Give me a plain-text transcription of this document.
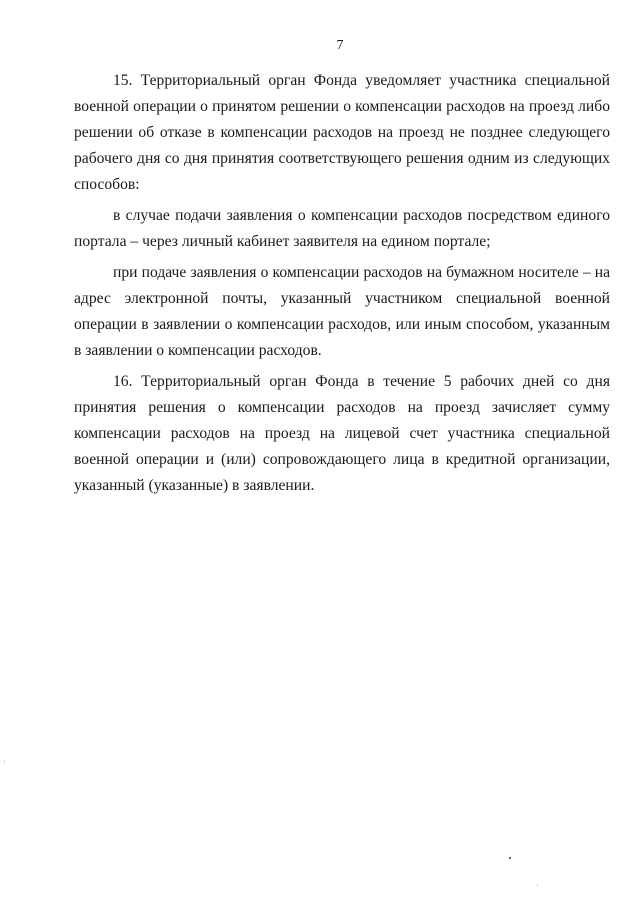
7

15. Территориальный орган Фонда уведомляет участника специальной военной операции о принятом решении о компенсации расходов на проезд либо решении об отказе в компенсации расходов на проезд не позднее следующего рабочего дня со дня принятия соответствующего решения одним из следующих способов:

в случае подачи заявления о компенсации расходов посредством единого портала – через личный кабинет заявителя на едином портале;

при подаче заявления о компенсации расходов на бумажном носителе – на адрес электронной почты, указанный участником специальной военной операции в заявлении о компенсации расходов, или иным способом, указанным в заявлении о компенсации расходов.

16. Территориальный орган Фонда в течение 5 рабочих дней со дня принятия решения о компенсации расходов на проезд зачисляет сумму компенсации расходов на проезд на лицевой счет участника специальной военной операции и (или) сопровождающего лица в кредитной организации, указанный (указанные) в заявлении.
